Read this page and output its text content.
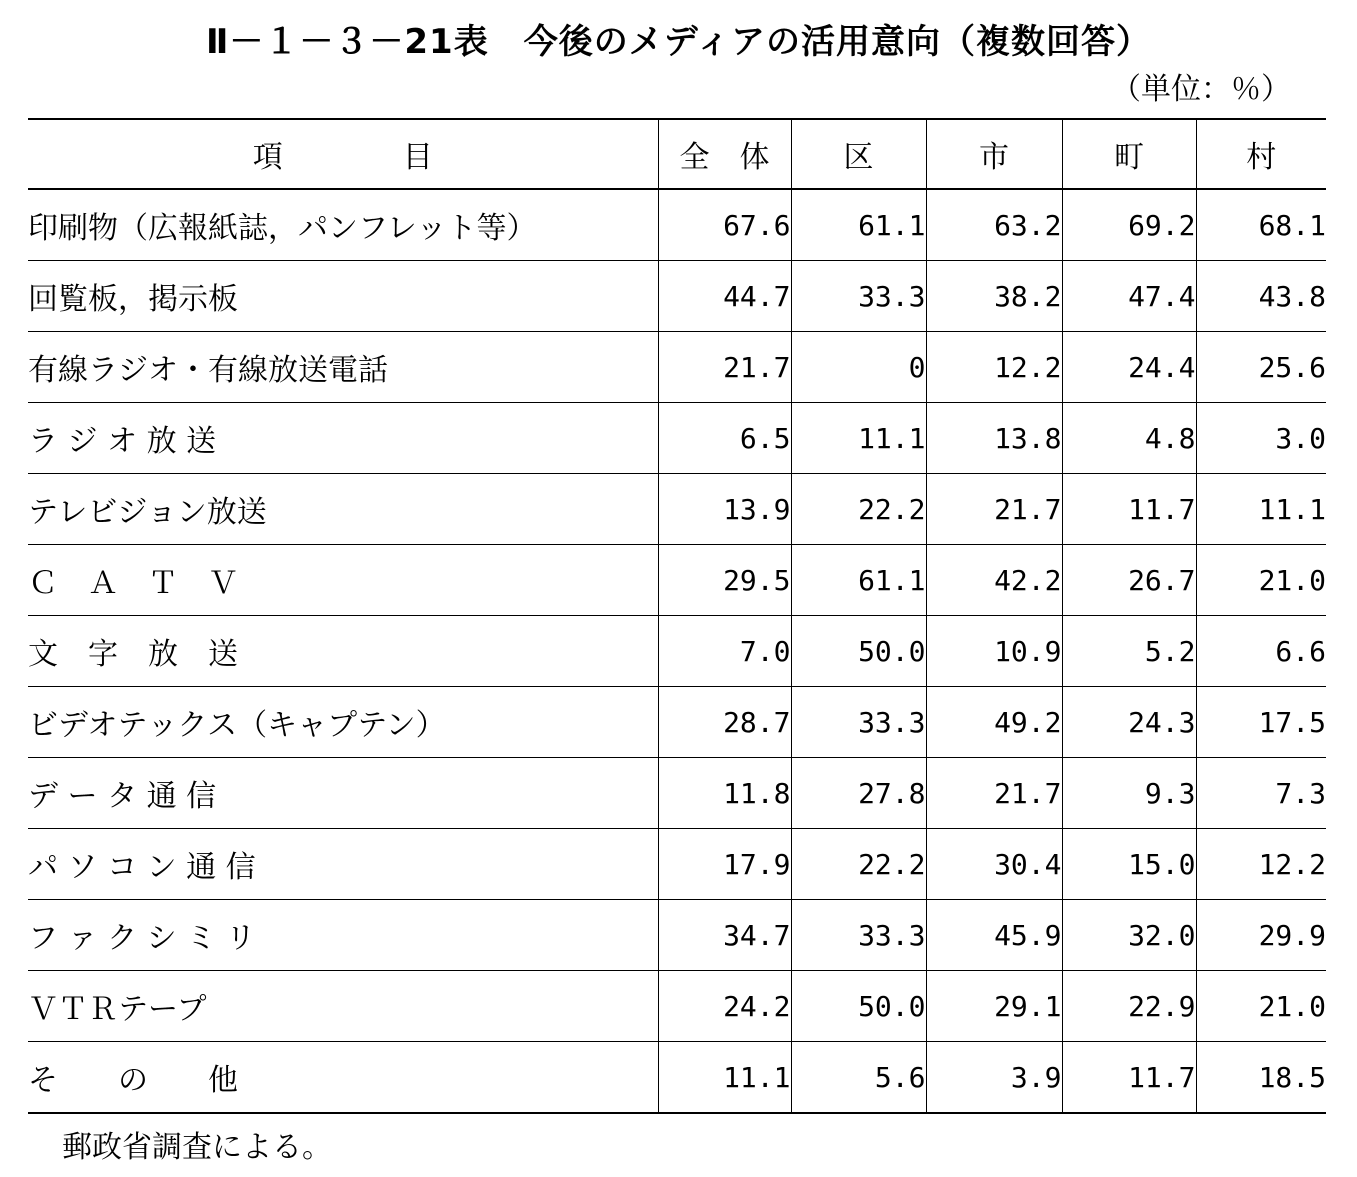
Ⅱ－１－３－21表　今後のメディアの活用意向（複数回答）
（単位：％）
項　　　　目	全　体	区	市	町	村
印刷物（広報紙誌，パンフレット等）	67.6	61.1	63.2	69.2	68.1
回覧板，掲示板	44.7	33.3	38.2	47.4	43.8
有線ラジオ・有線放送電話	21.7	0	12.2	24.4	25.6
ラ ジ オ 放 送	6.5	11.1	13.8	4.8	3.0
テレビジョン放送	13.9	22.2	21.7	11.7	11.1
Ｃ　Ａ　Ｔ　Ｖ	29.5	61.1	42.2	26.7	21.0
文　字　放　送	7.0	50.0	10.9	5.2	6.6
ビデオテックス（キャプテン）	28.7	33.3	49.2	24.3	17.5
デ ー タ 通 信	11.8	27.8	21.7	9.3	7.3
パ ソ コ ン 通 信	17.9	22.2	30.4	15.0	12.2
フ ァ ク シ ミ リ	34.7	33.3	45.9	32.0	29.9
ＶＴＲテープ	24.2	50.0	29.1	22.9	21.0
そ　　の　　他	11.1	5.6	3.9	11.7	18.5
郵政省調査による。
